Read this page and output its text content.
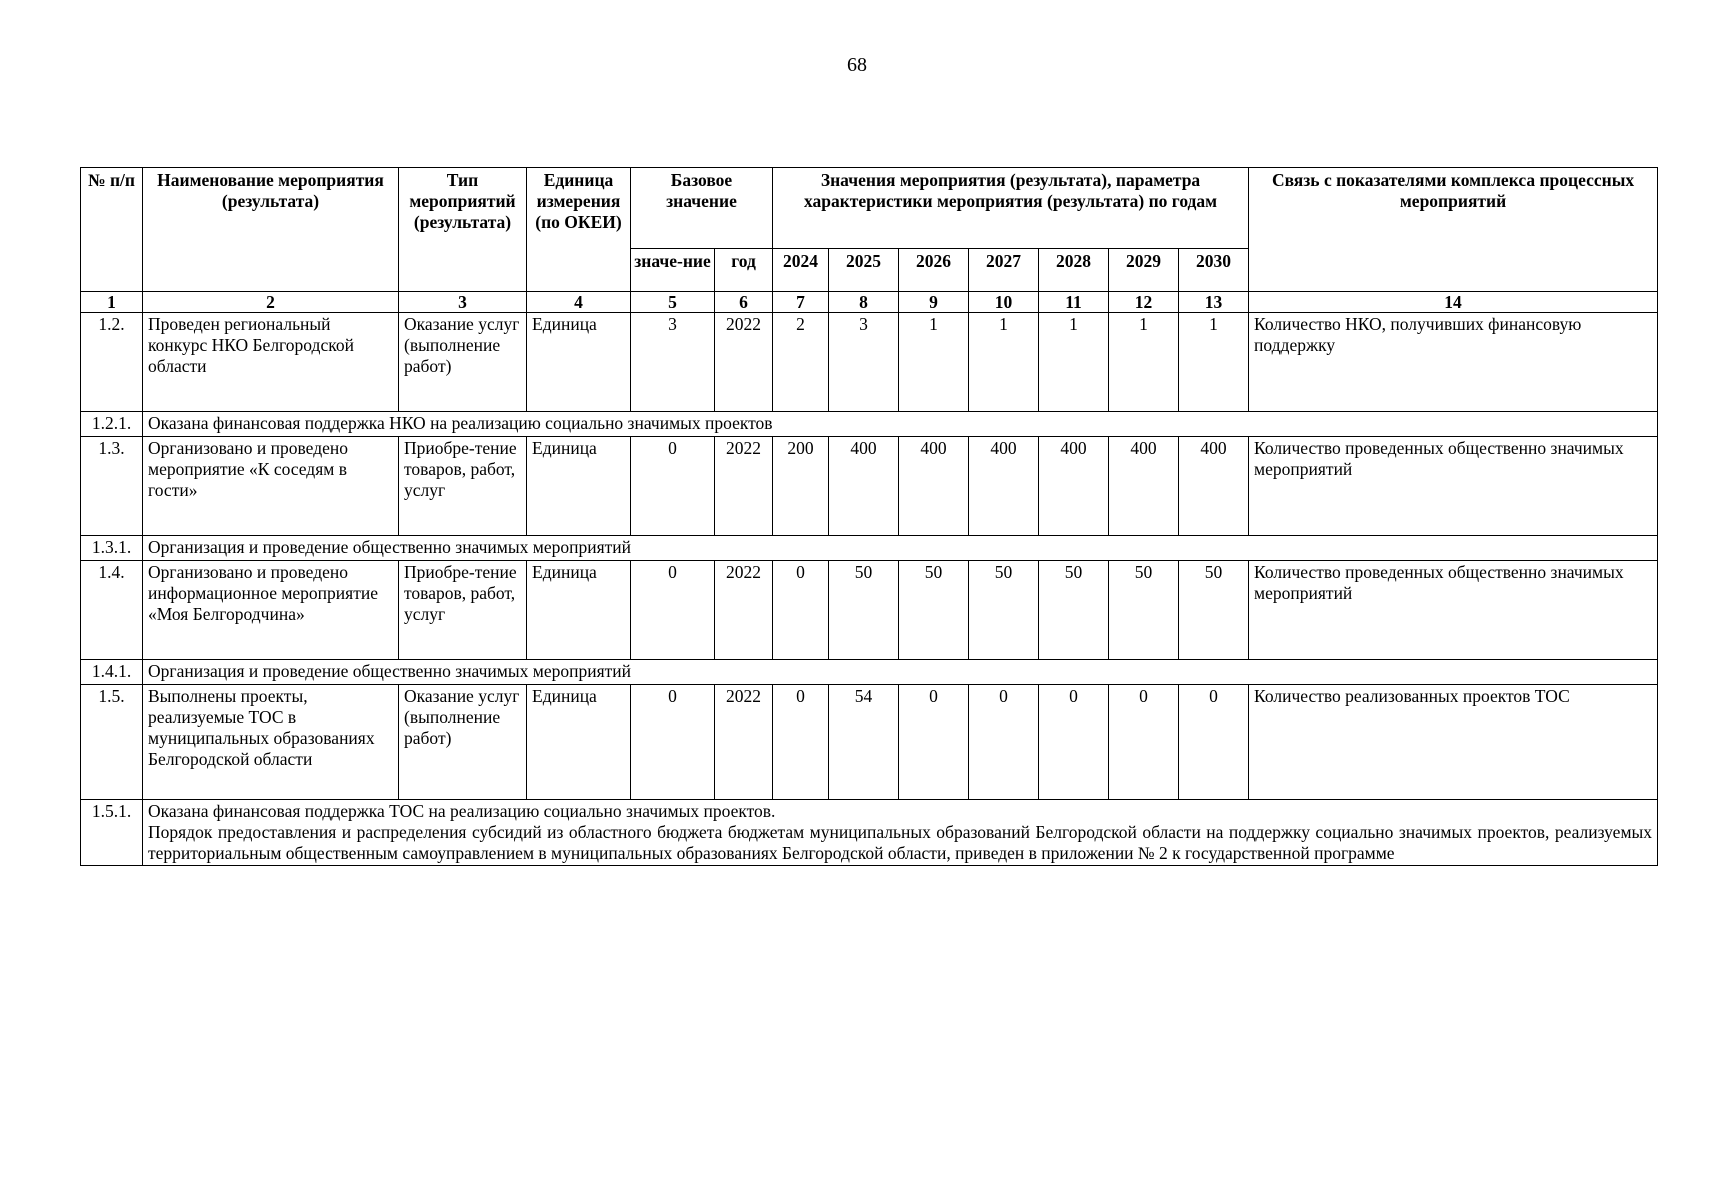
68
№ п/п	Наименование мероприятия (результата)	Тип мероприятий (результата)	Единица измерения (по ОКЕИ)	Базовое значение		Значения мероприятия (результата), параметра характеристики мероприятия (результата) по годам							Связь с показателями комплекса процессных мероприятий
				значе-ние	год	2024	2025	2026	2027	2028	2029	2030	
1	2	3	4	5	6	7	8	9	10	11	12	13	14
1.2.	Проведен региональный конкурс НКО Белгородской области	Оказание услуг (выполнение работ)	Единица	3	2022	2	3	1	1	1	1	1	Количество НКО, получивших финансовую поддержку
1.2.1.	Оказана финансовая поддержка НКО на реализацию социально значимых проектов												
1.3.	Организовано и проведено мероприятие «К соседям в гости»	Приобре-тение товаров, работ, услуг	Единица	0	2022	200	400	400	400	400	400	400	Количество проведенных общественно значимых мероприятий
1.3.1.	Организация и проведение общественно значимых мероприятий												
1.4.	Организовано и проведено информационное мероприятие «Моя Белгородчина»	Приобре-тение товаров, работ, услуг	Единица	0	2022	0	50	50	50	50	50	50	Количество проведенных общественно значимых мероприятий
1.4.1.	Организация и проведение общественно значимых мероприятий												
1.5.	Выполнены проекты, реализуемые ТОС в муниципальных образованиях Белгородской области	Оказание услуг (выполнение работ)	Единица	0	2022	0	54	0	0	0	0	0	Количество реализованных проектов ТОС
1.5.1.	Оказана финансовая поддержка ТОС на реализацию социально значимых проектов.
Порядок предоставления и распределения субсидий из областного бюджета бюджетам муниципальных образований Белгородской области на поддержку социально значимых проектов, реализуемых территориальным общественным самоуправлением в муниципальных образованиях Белгородской области, приведен в приложении № 2 к государственной программе												
